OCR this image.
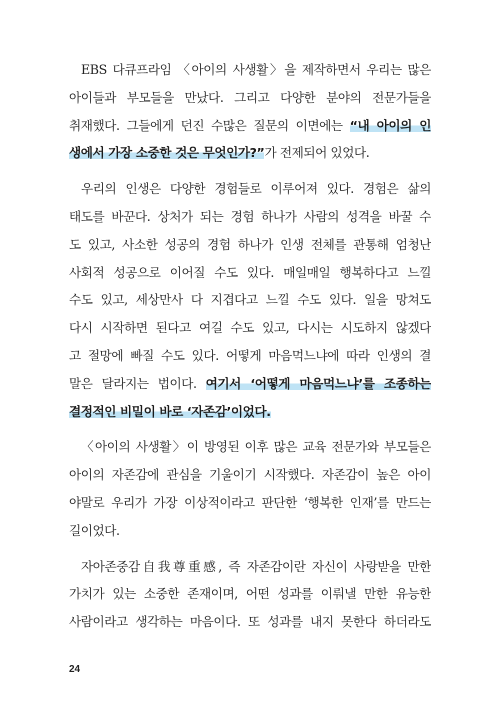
EBS 다큐프라임 〈아이의 사생활〉을 제작하면서 우리는 많은
아이들과 부모들을 만났다. 그리고 다양한 분야의 전문가들을
취재했다. 그들에게 던진 수많은 질문의 이면에는 “내 아이의 인
생에서 가장 소중한 것은 무엇인가?”가 전제되어 있었다.
우리의 인생은 다양한 경험들로 이루어져 있다. 경험은 삶의
태도를 바꾼다. 상처가 되는 경험 하나가 사람의 성격을 바꿀 수
도 있고, 사소한 성공의 경험 하나가 인생 전체를 관통해 엄청난
사회적 성공으로 이어질 수도 있다. 매일매일 행복하다고 느낄
수도 있고, 세상만사 다 지겹다고 느낄 수도 있다. 일을 망쳐도
다시 시작하면 된다고 여길 수도 있고, 다시는 시도하지 않겠다
고 절망에 빠질 수도 있다. 어떻게 마음먹느냐에 따라 인생의 결
말은 달라지는 법이다. 여기서 ‘어떻게 마음먹느냐’를 조종하는
결정적인 비밀이 바로 ‘자존감’이었다.
〈아이의 사생활〉이 방영된 이후 많은 교육 전문가와 부모들은
아이의 자존감에 관심을 기울이기 시작했다. 자존감이 높은 아이
야말로 우리가 가장 이상적이라고 판단한 ‘행복한 인재’를 만드는
길이었다.
자아존중감自我尊重感, 즉 자존감이란 자신이 사랑받을 만한
가치가 있는 소중한 존재이며, 어떤 성과를 이뤄낼 만한 유능한
사람이라고 생각하는 마음이다. 또 성과를 내지 못한다 하더라도
24
